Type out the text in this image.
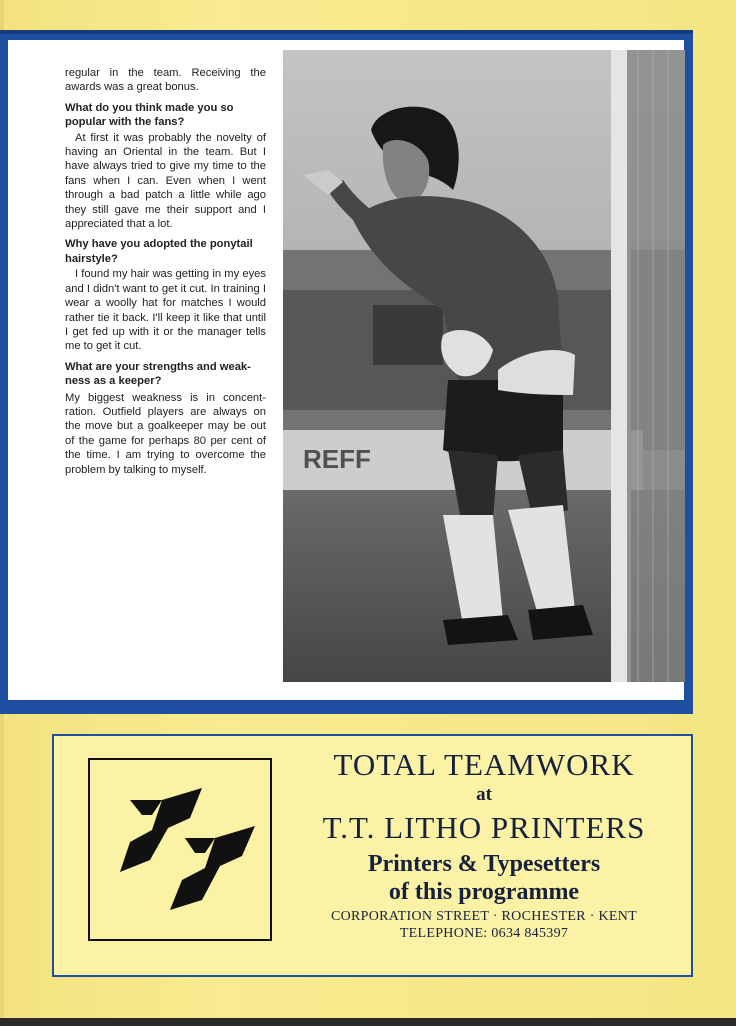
regular in the team. Receiving the awards was a great bonus.

What do you think made you so popular with the fans?

At first it was probably the novelty of having an Oriental in the team. But I have always tried to give my time to the fans when I can. Even when I went through a bad patch a little while ago they still gave me their support and I appreciated that a lot.

Why have you adopted the ponytail hairstyle?

I found my hair was getting in my eyes and I didn't want to get it cut. In training I wear a woolly hat for matches I would rather tie it back. I'll keep it like that until I get fed up with it or the manager tells me to get it cut.

What are your strengths and weak-ness as a keeper?

My biggest weakness is in concent-ration. Outfield players are always on the move but a goalkeeper may be out of the game for perhaps 80 per cent of the time. I am trying to overcome the problem by talking to myself.	REFF
TOTAL TEAMWORK
at
T.T. LITHO PRINTERS
Printers & Typesetters
of this programme
CORPORATION STREET · ROCHESTER · KENT
TELEPHONE: 0634 845397
